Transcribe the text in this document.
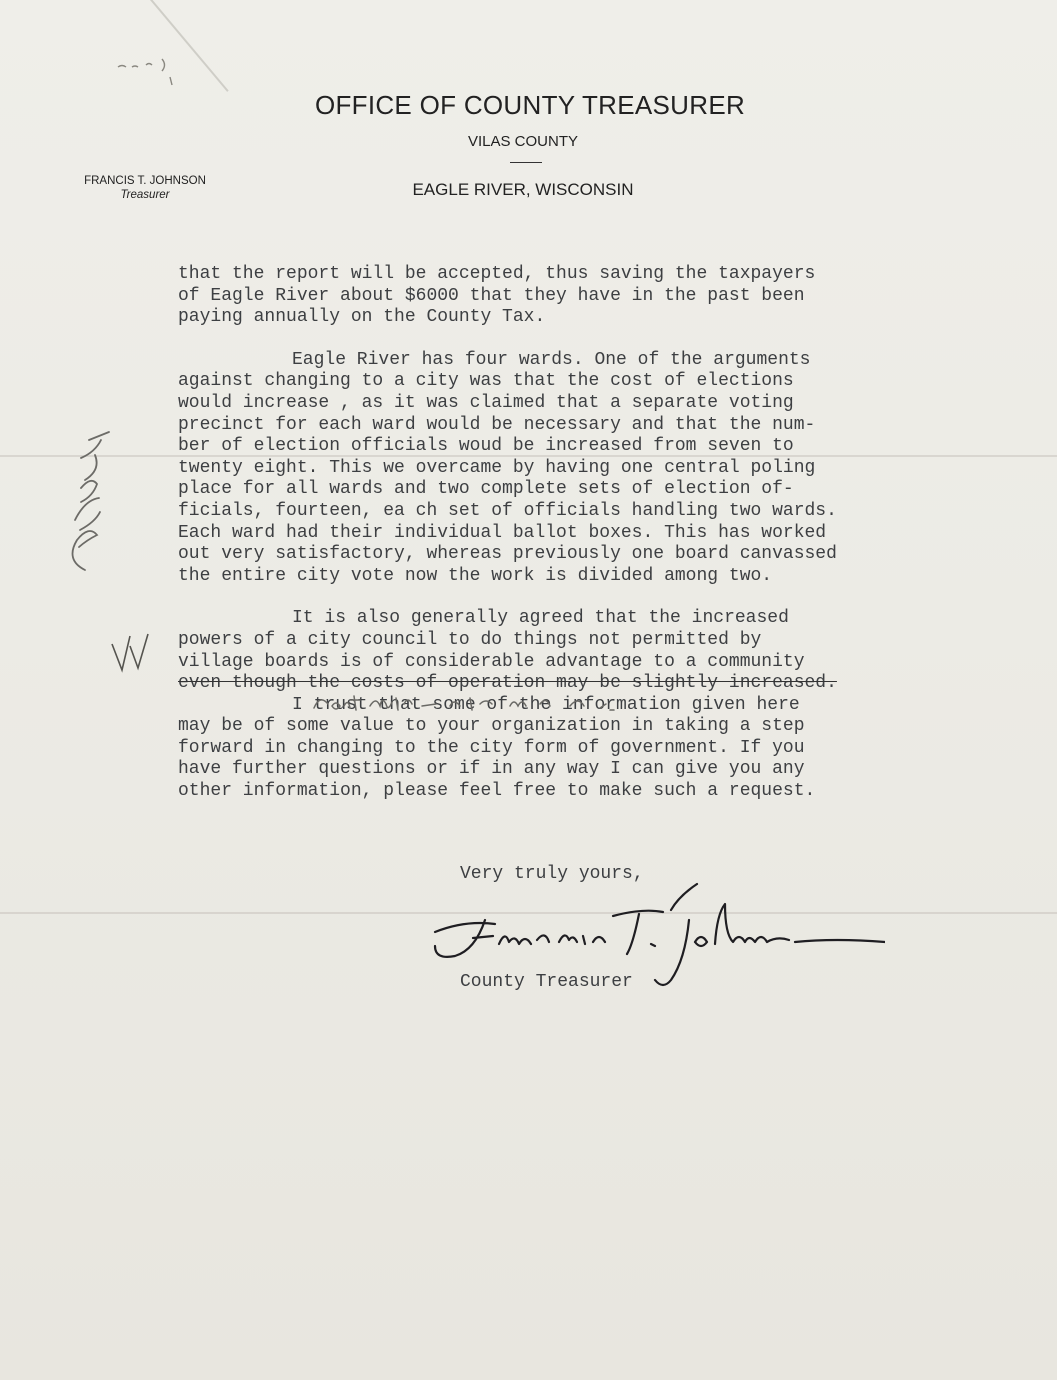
OFFICE OF COUNTY TREASURER
VILAS COUNTY
EAGLE RIVER, WISCONSIN
FRANCIS T. JOHNSON
Treasurer
that the report will be accepted, thus saving the taxpayers
of Eagle River about $6000 that they have in the past been
paying annually on the County Tax.
Eagle River has four wards. One of the arguments
against changing to a city was that the cost of elections
would increase , as it was claimed that a separate voting
precinct for each ward would be necessary and that the num-
ber of election officials woud be increased from seven to
twenty eight. This we overcame by having one central poling
place for all wards and two complete sets of election of-
ficials, fourteen, ea ch set of officials handling two wards.
Each ward had their individual ballot boxes. This has worked
out very satisfactory, whereas previously one board canvassed
the entire city vote now the work is divided among two.
It is also generally agreed that the increased
powers of a city council to do things not permitted by
village boards is of considerable advantage to a community
even though the costs of operation may be slightly increased.
I trust that some of the information given here
may be of some value to your organization in taking a step
forward in changing to the city form of government. If you
have further questions or if in any way I can give you any
other information, please feel free to make such a request.
Very truly yours,
County Treasurer
